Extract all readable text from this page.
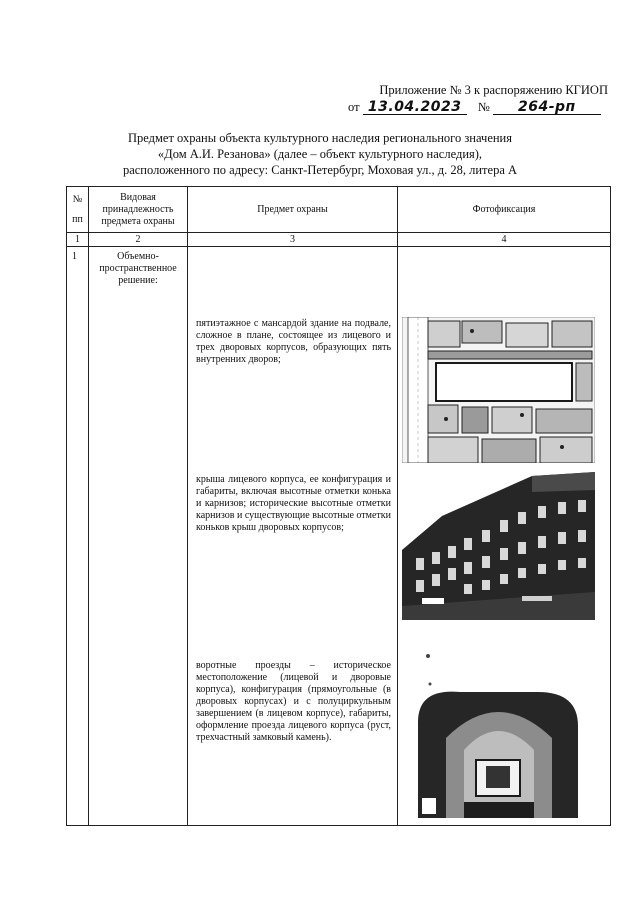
Приложение № 3 к распоряжению КГИОП
от 13.04.2023 № 264-рп
Предмет охраны объекта культурного наследия регионального значения
«Дом А.И. Резанова» (далее – объект культурного наследия),
расположенного по адресу: Санкт-Петербург, Моховая ул., д. 28, литера А
№
пп	Видовая принадлежность предмета охраны	Предмет охраны	Фотофиксация
1	2	3	4
1	Объемно-пространственное решение:	пятиэтажное с мансардой здание на подвале, сложное в плане, состоящее из лицевого и трех дворовых корпусов, образующих пять внутренних дворов;
крыша лицевого корпуса, ее конфигурация и габариты, включая высотные отметки конька и карнизов; исторические высотные отметки карнизов и существующие высотные отметки коньков крыш дворовых корпусов;
воротные проезды – историческое местоположение (лицевой и дворовые корпуса), конфигурация (прямоугольные (в дворовых корпусах) и с полуциркульным завершением (в лицевом корпусе), габариты, оформление проезда лицевого корпуса (руст, трехчастный замковый камень).
